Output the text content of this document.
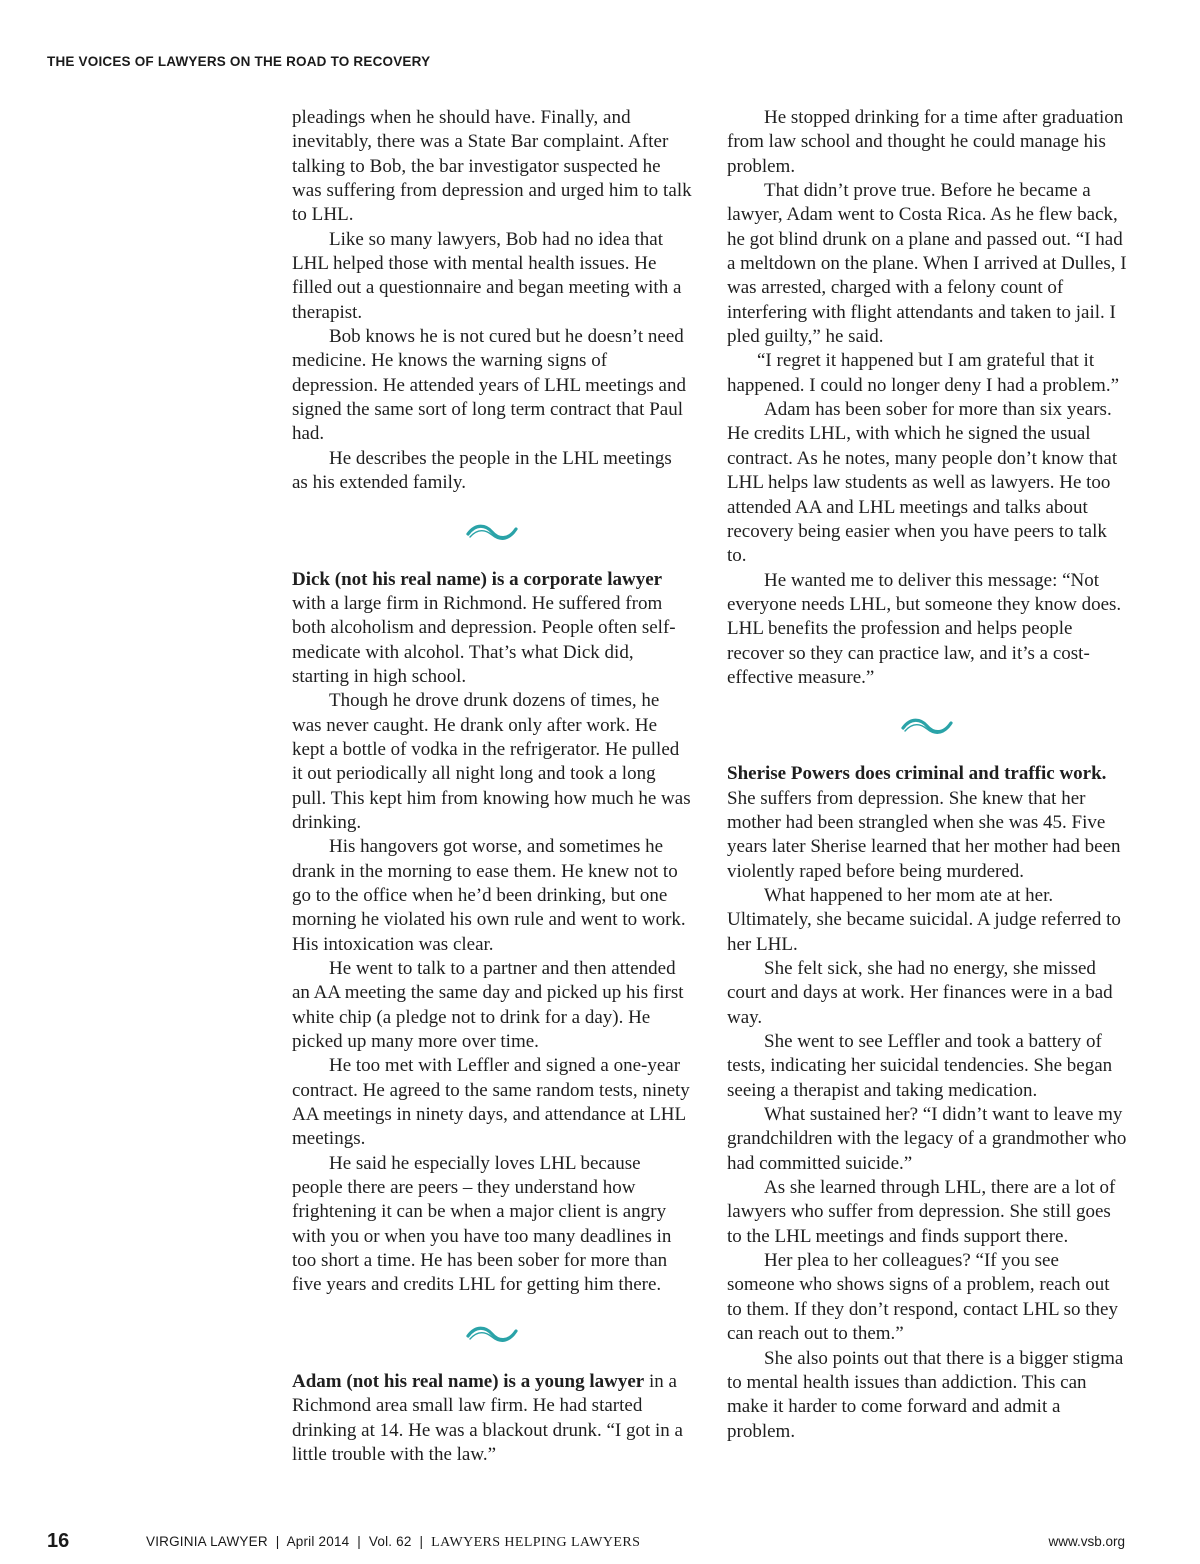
THE VOICES OF LAWYERS ON THE ROAD TO RECOVERY

pleadings when he should have. Finally, and inevitably, there was a State Bar complaint. After talking to Bob, the bar investigator suspected he was suffering from depression and urged him to talk to LHL.

Like so many lawyers, Bob had no idea that LHL helped those with mental health issues. He filled out a questionnaire and began meeting with a therapist.

Bob knows he is not cured but he doesn’t need medicine. He knows the warning signs of depression. He attended years of LHL meetings and signed the same sort of long term contract that Paul had.

He describes the people in the LHL meetings as his extended family.

Dick (not his real name) is a corporate lawyer with a large firm in Richmond. He suffered from both alcoholism and depression. People often self-medicate with alcohol. That’s what Dick did, starting in high school.

Though he drove drunk dozens of times, he was never caught. He drank only after work. He kept a bottle of vodka in the refrigerator. He pulled it out periodically all night long and took a long pull. This kept him from knowing how much he was drinking.

His hangovers got worse, and sometimes he drank in the morning to ease them. He knew not to go to the office when he’d been drinking, but one morning he violated his own rule and went to work. His intoxication was clear.

He went to talk to a partner and then attended an AA meeting the same day and picked up his first white chip (a pledge not to drink for a day). He picked up many more over time.

He too met with Leffler and signed a one-year contract. He agreed to the same random tests, ninety AA meetings in ninety days, and attendance at LHL meetings.

He said he especially loves LHL because people there are peers – they understand how frightening it can be when a major client is angry with you or when you have too many deadlines in too short a time. He has been sober for more than five years and credits LHL for getting him there.

Adam (not his real name) is a young lawyer in a Richmond area small law firm. He had started drinking at 14. He was a blackout drunk. “I got in a little trouble with the law.”

He stopped drinking for a time after graduation from law school and thought he could manage his problem.

That didn’t prove true. Before he became a lawyer, Adam went to Costa Rica. As he flew back, he got blind drunk on a plane and passed out. “I had a meltdown on the plane. When I arrived at Dulles, I was arrested, charged with a felony count of interfering with flight attendants and taken to jail. I pled guilty,” he said.

“I regret it happened but I am grateful that it happened. I could no longer deny I had a problem.”

Adam has been sober for more than six years. He credits LHL, with which he signed the usual contract. As he notes, many people don’t know that LHL helps law students as well as lawyers. He too attended AA and LHL meetings and talks about recovery being easier when you have peers to talk to.

He wanted me to deliver this message: “Not everyone needs LHL, but someone they know does. LHL benefits the profession and helps people recover so they can practice law, and it’s a cost-effective measure.”

Sherise Powers does criminal and traffic work. She suffers from depression. She knew that her mother had been strangled when she was 45. Five years later Sherise learned that her mother had been violently raped before being murdered.

What happened to her mom ate at her. Ultimately, she became suicidal. A judge referred to her LHL.

She felt sick, she had no energy, she missed court and days at work. Her finances were in a bad way.

She went to see Leffler and took a battery of tests, indicating her suicidal tendencies. She began seeing a therapist and taking medication.

What sustained her? “I didn’t want to leave my grandchildren with the legacy of a grandmother who had committed suicide.”

As she learned through LHL, there are a lot of lawyers who suffer from depression. She still goes to the LHL meetings and finds support there.

Her plea to her colleagues? “If you see someone who shows signs of a problem, reach out to them. If they don’t respond, contact LHL so they can reach out to them.”

She also points out that there is a bigger stigma to mental health issues than addiction. This can make it harder to come forward and admit a problem.

16	VIRGINIA LAWYER | April 2014 | Vol. 62 | LAWYERS HELPING LAWYERS	www.vsb.org
